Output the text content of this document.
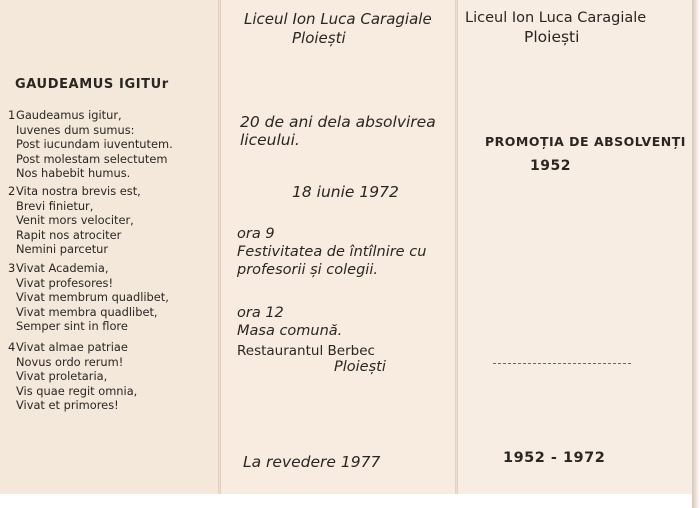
GAUDEAMUS IGITUr
1Gaudeamus igitur,
Iuvenes dum sumus:
Post iucundam iuventutem.
Post molestam selectutem
Nos habebit humus.
2Vita nostra brevis est,
Brevi finietur,
Venit mors velociter,
Rapit nos atrociter
Nemini parcetur
3Vivat Academia,
Vivat profesores!
Vivat membrum quadlibet,
Vivat membra quadlibet,
Semper sint in flore
4Vivat almae patriae
Novus ordo rerum!
Vivat proletaria,
Vis quae regit omnia,
Vivat et primores!
Liceul Ion Luca Caragiale
Ploiești
20 de ani dela absolvirea
liceului.
18 iunie 1972
ora 9
Festivitatea de întîlnire cu
profesorii și colegii.
ora 12
Masa comună.
Restaurantul Berbec
Ploiești
La revedere 1977
Liceul Ion Luca Caragiale
Ploiești
PROMOȚIA DE ABSOLVENȚI
1952
1952 - 1972
